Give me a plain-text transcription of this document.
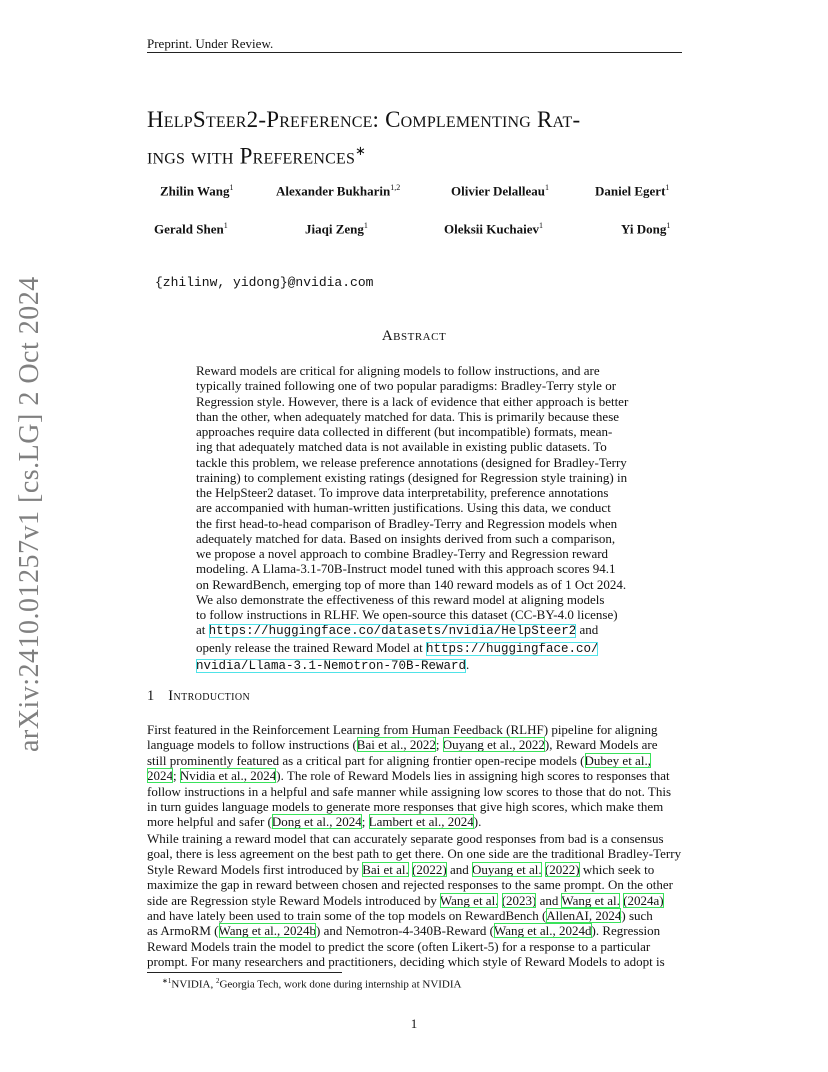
Preprint. Under Review.
arXiv:2410.01257v1 [cs.LG] 2 Oct 2024
HelpSteer2-Preference: Complementing Rat-
ings with Preferences∗
Zhilin Wang$^1$	Alexander Bukharin$^{1,2}$	Olivier Delalleau$^1$	Daniel Egert$^1$
Gerald Shen$^1$	Jiaqi Zeng$^1$	Oleksii Kuchaiev$^1$	Yi Dong$^1$
{zhilinw, yidong}@nvidia.com
Abstract
Reward models are critical for aligning models to follow instructions, and are
typically trained following one of two popular paradigms: Bradley-Terry style or
Regression style. However, there is a lack of evidence that either approach is better
than the other, when adequately matched for data. This is primarily because these
approaches require data collected in different (but incompatible) formats, mean-
ing that adequately matched data is not available in existing public datasets. To
tackle this problem, we release preference annotations (designed for Bradley-Terry
training) to complement existing ratings (designed for Regression style training) in
the HelpSteer2 dataset. To improve data interpretability, preference annotations
are accompanied with human-written justifications. Using this data, we conduct
the first head-to-head comparison of Bradley-Terry and Regression models when
adequately matched for data. Based on insights derived from such a comparison,
we propose a novel approach to combine Bradley-Terry and Regression reward
modeling. A Llama-3.1-70B-Instruct model tuned with this approach scores 94.1
on RewardBench, emerging top of more than 140 reward models as of 1 Oct 2024.
We also demonstrate the effectiveness of this reward model at aligning models
to follow instructions in RLHF. We open-source this dataset (CC-BY-4.0 license)
at https://huggingface.co/datasets/nvidia/HelpSteer2 and
openly release the trained Reward Model at https://huggingface.co/
nvidia/Llama-3.1-Nemotron-70B-Reward.
1 Introduction
First featured in the Reinforcement Learning from Human Feedback (RLHF) pipeline for aligning
language models to follow instructions (Bai et al., 2022; Ouyang et al., 2022), Reward Models are
still prominently featured as a critical part for aligning frontier open-recipe models (Dubey et al.,
2024; Nvidia et al., 2024). The role of Reward Models lies in assigning high scores to responses that
follow instructions in a helpful and safe manner while assigning low scores to those that do not. This
in turn guides language models to generate more responses that give high scores, which make them
more helpful and safer (Dong et al., 2024; Lambert et al., 2024).
While training a reward model that can accurately separate good responses from bad is a consensus
goal, there is less agreement on the best path to get there. On one side are the traditional Bradley-Terry
Style Reward Models first introduced by Bai et al. (2022) and Ouyang et al. (2022) which seek to
maximize the gap in reward between chosen and rejected responses to the same prompt. On the other
side are Regression style Reward Models introduced by Wang et al. (2023) and Wang et al. (2024a)
and have lately been used to train some of the top models on RewardBench (AllenAI, 2024) such
as ArmoRM (Wang et al., 2024b) and Nemotron-4-340B-Reward (Wang et al., 2024d). Regression
Reward Models train the model to predict the score (often Likert-5) for a response to a particular
prompt. For many researchers and practitioners, deciding which style of Reward Models to adopt is
$^{∗1}$NVIDIA, $^2$Georgia Tech, work done during internship at NVIDIA
1
